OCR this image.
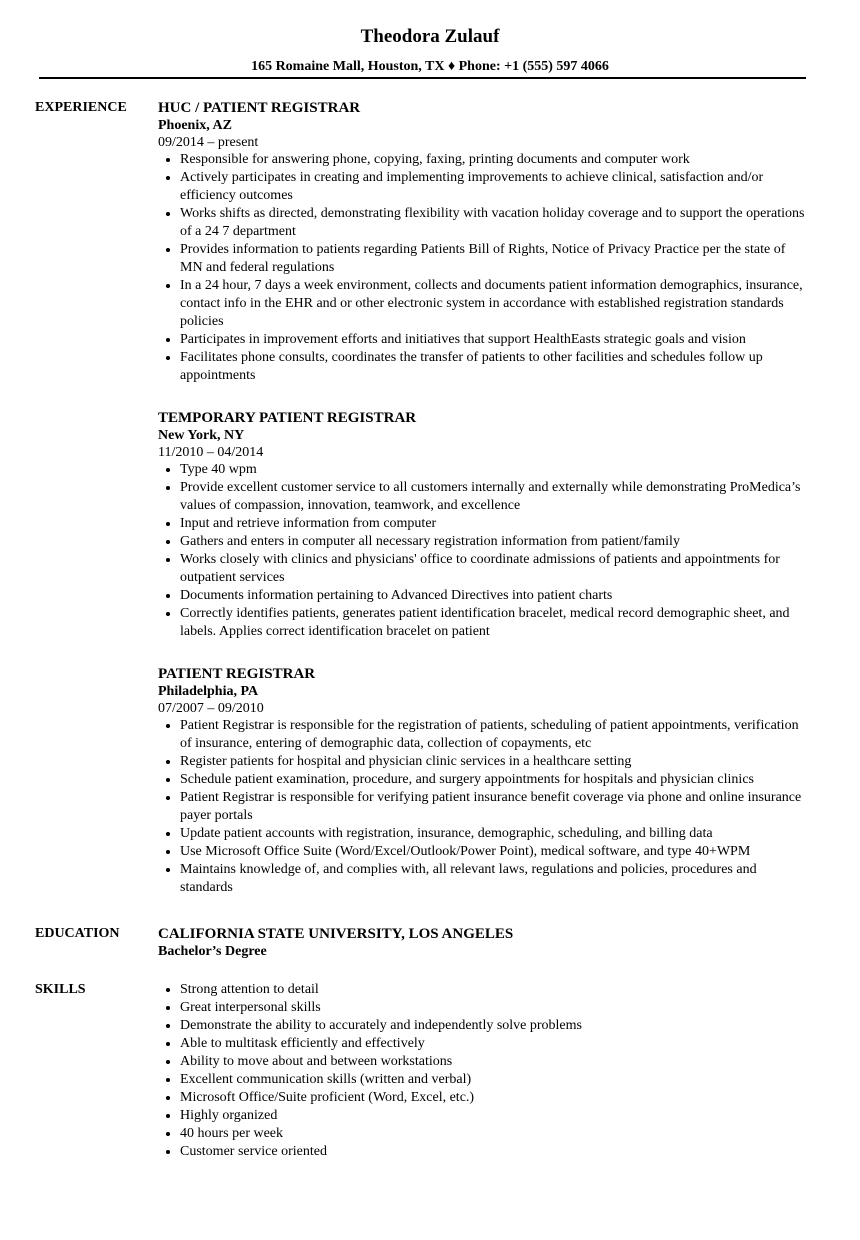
Theodora Zulauf
165 Romaine Mall, Houston, TX ♦ Phone: +1 (555) 597 4066
EXPERIENCE HUC / PATIENT REGISTRAR
Phoenix, AZ
09/2014 – present
• Responsible for answering phone, copying, faxing, printing documents and computer work
• Actively participates in creating and implementing improvements to achieve clinical, satisfaction and/or efficiency outcomes
• Works shifts as directed, demonstrating flexibility with vacation holiday coverage and to support the operations of a 24 7 department
• Provides information to patients regarding Patients Bill of Rights, Notice of Privacy Practice per the state of MN and federal regulations
• In a 24 hour, 7 days a week environment, collects and documents patient information demographics, insurance, contact info in the EHR and or other electronic system in accordance with established registration standards policies
• Participates in improvement efforts and initiatives that support HealthEasts strategic goals and vision
• Facilitates phone consults, coordinates the transfer of patients to other facilities and schedules follow up appointments
TEMPORARY PATIENT REGISTRAR
New York, NY
11/2010 – 04/2014
• Type 40 wpm
• Provide excellent customer service to all customers internally and externally while demonstrating ProMedica’s values of compassion, innovation, teamwork, and excellence
• Input and retrieve information from computer
• Gathers and enters in computer all necessary registration information from patient/family
• Works closely with clinics and physicians' office to coordinate admissions of patients and appointments for outpatient services
• Documents information pertaining to Advanced Directives into patient charts
• Correctly identifies patients, generates patient identification bracelet, medical record demographic sheet, and labels. Applies correct identification bracelet on patient
PATIENT REGISTRAR
Philadelphia, PA
07/2007 – 09/2010
• Patient Registrar is responsible for the registration of patients, scheduling of patient appointments, verification of insurance, entering of demographic data, collection of copayments, etc
• Register patients for hospital and physician clinic services in a healthcare setting
• Schedule patient examination, procedure, and surgery appointments for hospitals and physician clinics
• Patient Registrar is responsible for verifying patient insurance benefit coverage via phone and online insurance payer portals
• Update patient accounts with registration, insurance, demographic, scheduling, and billing data
• Use Microsoft Office Suite (Word/Excel/Outlook/Power Point), medical software, and type 40+WPM
• Maintains knowledge of, and complies with, all relevant laws, regulations and policies, procedures and standards
EDUCATION	CALIFORNIA STATE UNIVERSITY, LOS ANGELES
Bachelor’s Degree
SKILLS
•	Strong attention to detail
• Great interpersonal skills
• Demonstrate the ability to accurately and independently solve problems
• Able to multitask efficiently and effectively
• Ability to move about and between workstations
• Excellent communication skills (written and verbal)
• Microsoft Office/Suite proficient (Word, Excel, etc.)
• Highly organized
• 40 hours per week
• Customer service oriented
